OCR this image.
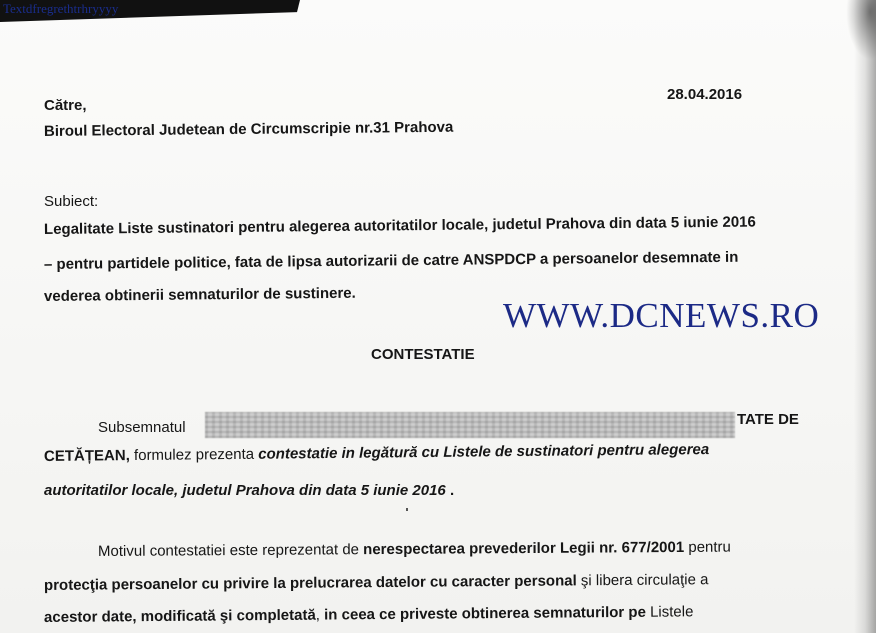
Textdfregrethtrhryyyy
28.04.2016
Către,
Biroul Electoral Judetean de Circumscripie nr.31 Prahova
Subiect:
Legalitate Liste sustinatori pentru alegerea autoritatilor locale, judetul Prahova din data 5 iunie 2016
– pentru partidele politice, fata de lipsa autorizarii de catre ANSPDCP a persoanelor desemnate in
vederea obtinerii semnaturilor de sustinere.
WWW.DCNEWS.RO
CONTESTATIE
Subsemnatul	TATE DE
CETĂȚEAN, formulez prezenta contestatie in legătură cu Listele de sustinatori pentru alegerea
autoritatilor locale, judetul Prahova din data 5 iunie 2016 .
Motivul contestatiei este reprezentat de nerespectarea prevederilor Legii nr. 677/2001 pentru
protecţia persoanelor cu privire la prelucrarea datelor cu caracter personal şi libera circulaţie a
acestor date, modificată şi completată, in ceea ce priveste obtinerea semnaturilor pe Listele
